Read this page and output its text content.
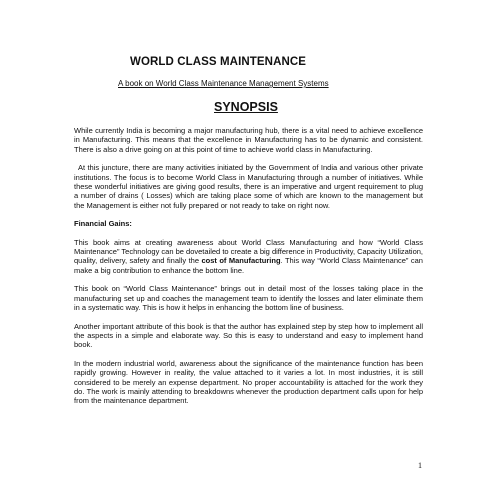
WORLD CLASS MAINTENANCE
A book on World Class Maintenance Management Systems
SYNOPSIS

While currently India is becoming a major manufacturing hub, there is a vital need to achieve excellence in Manufacturing. This means that the excellence in Manufacturing has to be dynamic and consistent. There is also a drive going on at this point of time to achieve world class in Manufacturing.

At this juncture, there are many activities initiated by the Government of India and various other private institutions. The focus is to become World Class in Manufacturing through a number of initiatives. While these wonderful initiatives are giving good results, there is an imperative and urgent requirement to plug a number of drains ( Losses) which are taking place some of which are known to the management but the Management is either not fully prepared or not ready to take on right now.

Financial Gains:

This book aims at creating awareness about World Class Manufacturing and how “World Class Maintenance” Technology can be dovetailed to create a big difference in Productivity, Capacity Utilization, quality, delivery, safety and finally the cost of Manufacturing. This way “World Class Maintenance” can make a big contribution to enhance the bottom line.

This book on “World Class Maintenance” brings out in detail most of the losses taking place in the manufacturing set up and coaches the management team to identify the losses and later eliminate them in a systematic way. This is how it helps in enhancing the bottom line of business.

Another important attribute of this book is that the author has explained step by step how to implement all the aspects in a simple and elaborate way. So this is easy to understand and easy to implement hand book.

In the modern industrial world, awareness about the significance of the maintenance function has been rapidly growing. However in reality, the value attached to it varies a lot. In most industries, it is still considered to be merely an expense department. No proper accountability is attached for the work they do. The work is mainly attending to breakdowns whenever the production department calls upon for help from the maintenance department.

1
